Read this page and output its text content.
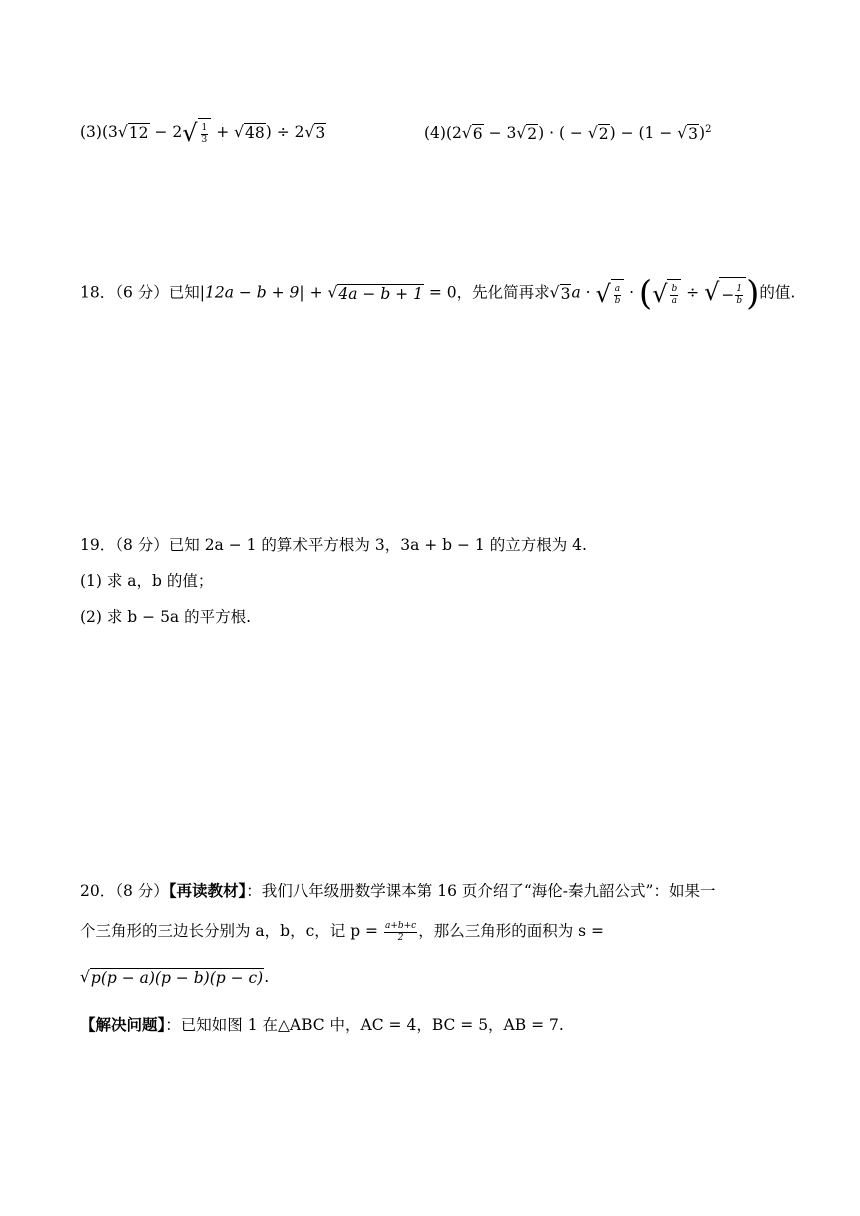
(3)(3√12 − 2 √ $\frac{1}{3} + √48) \div 2√3$	(4)(2√6 − 3√2) · ( − $√2) - (1 - √3)^2$
18．（6 分）已知|12a − b + 9| + √4a − b + 1 = 0，先化简再求√3a · √ $\frac{a}{b}$ · ( √ $\frac{b}{a}$ ÷ √ − $\frac{1}{b}$ )的值.
19．（8 分）已知 2a − 1 的算术平方根为 3，3a + b − 1 的立方根为 4.
(1) 求 a，b 的值；
(2) 求 b − 5a 的平方根.
20．（8 分）【再读教材】：我们八年级册数学课本第 16 页介绍了“海伦-秦九韶公式”：如果一
个三角形的三边长分别为 a，b，c，记 $p = \frac{a+b+c}{2}$ ，那么三角形的面积为 s =
√p(p − a)(p − b)(p − c).
【解决问题】：已知如图 1 在△ABC 中，AC = 4，BC = 5，AB = 7.
